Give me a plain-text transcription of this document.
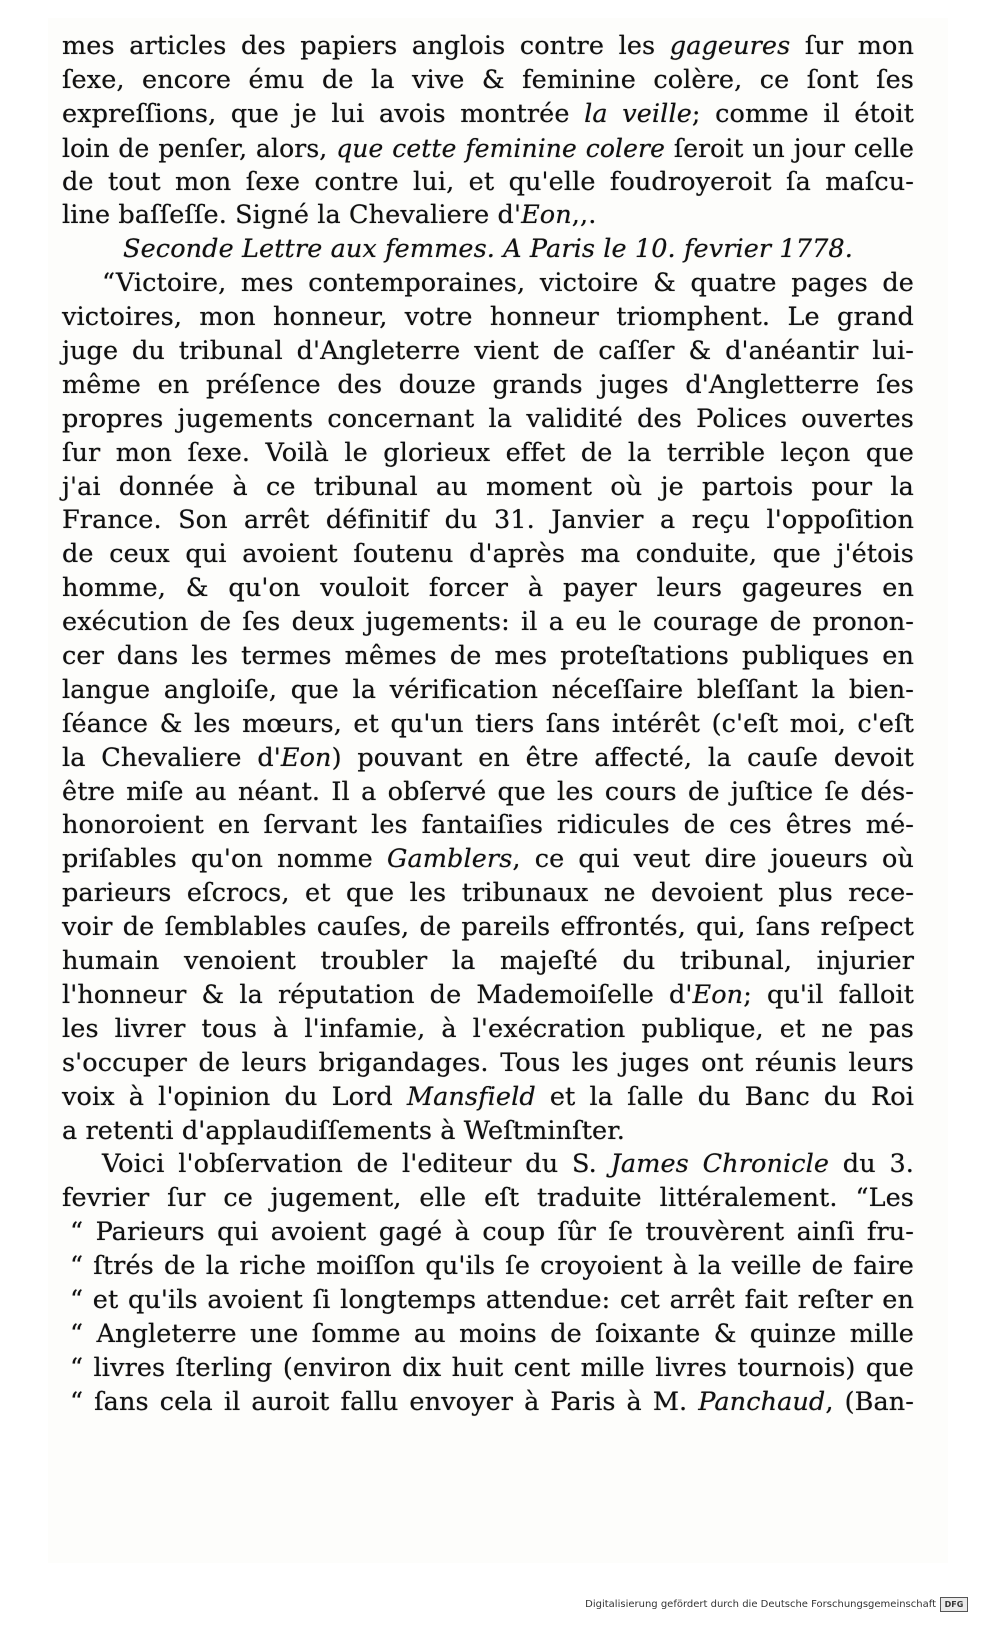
mes articles des papiers anglois contre les gageures ſur mon
ſexe, encore ému de la vive & feminine colère, ce ſont ſes
expreſſions, que je lui avois montrée la veille; comme il étoit
loin de penſer, alors, que cette feminine colere ſeroit un jour celle
de tout mon ſexe contre lui, et qu'elle foudroyeroit ſa maſcu-
line baſſeſſe. Signé la Chevaliere d'Eon,,.
Seconde Lettre aux femmes. A Paris le 10. fevrier 1778.
“Victoire, mes contemporaines, victoire & quatre pages de
victoires, mon honneur, votre honneur triomphent. Le grand
juge du tribunal d'Angleterre vient de caſſer & d'anéantir lui-
même en préſence des douze grands juges d'Angletterre ſes
propres jugements concernant la validité des Polices ouvertes
ſur mon ſexe. Voilà le glorieux effet de la terrible leçon que
j'ai donnée à ce tribunal au moment où je partois pour la
France. Son arrêt définitif du 31. Janvier a reçu l'oppoſition
de ceux qui avoient ſoutenu d'après ma conduite, que j'étois
homme, & qu'on vouloit forcer à payer leurs gageures en
exécution de ſes deux jugements: il a eu le courage de pronon-
cer dans les termes mêmes de mes proteſtations publiques en
langue angloiſe, que la vérification néceſſaire bleſſant la bien-
ſéance & les mœurs, et qu'un tiers ſans intérêt (c'eſt moi, c'eſt
la Chevaliere d'Eon) pouvant en être affecté, la cauſe devoit
être miſe au néant. Il a obſervé que les cours de juſtice ſe dés-
honoroient en ſervant les fantaiſies ridicules de ces êtres mé-
priſables qu'on nomme Gamblers, ce qui veut dire joueurs où
parieurs eſcrocs, et que les tribunaux ne devoient plus rece-
voir de ſemblables cauſes, de pareils effrontés, qui, ſans reſpect
humain venoient troubler la majeſté du tribunal, injurier
l'honneur & la réputation de Mademoiſelle d'Eon; qu'il falloit
les livrer tous à l'infamie, à l'exécration publique, et ne pas
s'occuper de leurs brigandages. Tous les juges ont réunis leurs
voix à l'opinion du Lord Mansfield et la ſalle du Banc du Roi
a retenti d'applaudiſſements à Weſtminſter.
Voici l'obſervation de l'editeur du S. James Chronicle du 3.
fevrier ſur ce jugement, elle eſt traduite littéralement. “Les
“ Parieurs qui avoient gagé à coup ſûr ſe trouvèrent ainſi fru-
“ ſtrés de la riche moiſſon qu'ils ſe croyoient à la veille de faire
“ et qu'ils avoient ſi longtemps attendue: cet arrêt fait reſter en
“ Angleterre une ſomme au moins de ſoixante & quinze mille
“ livres ſterling (environ dix huit cent mille livres tournois) que
“ ſans cela il auroit fallu envoyer à Paris à M. Panchaud, (Ban-
Digitalisierung gefördert durch die Deutsche Forschungsgemeinschaft	DFG
